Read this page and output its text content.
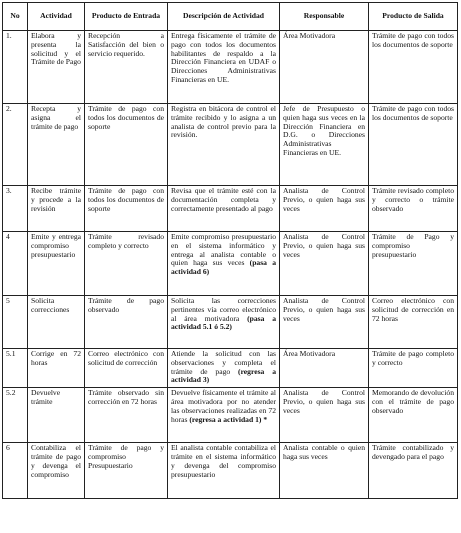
No	Actividad	Producto de Entrada	Descripción de Actividad	Responsable	Producto de Salida
1.	Elabora y presenta la solicitud y el Trámite de Pago	Recepción a Satisfacción del bien o servicio requerido.	Entrega físicamente el trámite de pago con todos los documentos habilitantes de respaldo a la Dirección Financiera en UDAF o Direcciones Administrativas Financieras en UE.	Área Motivadora	Trámite de pago con todos los documentos de soporte
2.	Recepta y asigna el trámite de pago	Trámite de pago con todos los documentos de soporte	Registra en bitácora de control el trámite recibido y lo asigna a un analista de control previo para la revisión.	Jefe de Presupuesto o quien haga sus veces en la Dirección Financiera en D.G. o Direcciones Administrativas Financieras en UE.	Trámite de pago con todos los documentos de soporte
3.	Recibe trámite y procede a la revisión	Trámite de pago con todos los documentos de soporte	Revisa que el trámite esté con la documentación completa y correctamente presentado al pago	Analista de Control Previo, o quien haga sus veces	Trámite revisado completo y correcto o trámite observado
4	Emite y entrega compromiso presupuestario	Trámite revisado completo y correcto	Emite compromiso presupuestario en el sistema informático y entrega al analista contable o quien haga sus veces (pasa a actividad 6)	Analista de Control Previo, o quien haga sus veces	Trámite de Pago y compromiso presupuestario
5	Solicita correcciones	Trámite de pago observado	Solicita las correcciones pertinentes vía correo electrónico al área motivadora (pasa a actividad 5.1 ó 5.2)	Analista de Control Previo, o quien haga sus veces	Correo electrónico con solicitud de corrección en 72 horas
5.1	Corrige en 72 horas	Correo electrónico con solicitud de corrección	Atiende la solicitud con las observaciones y completa el trámite de pago (regresa a actividad 3)	Área Motivadora	Trámite de pago completo y correcto
5.2	Devuelve trámite	Trámite observado sin corrección en 72 horas	Devuelve físicamente el trámite al área motivadora por no atender las observaciones realizadas en 72 horas (regresa a actividad 1) *	Analista de Control Previo, o quien haga sus veces	Memorando de devolución con el trámite de pago observado
6	Contabiliza el trámite de pago y devenga el compromiso	Trámite de pago y compromiso Presupuestario	El analista contable contabiliza el trámite en el sistema informático y devenga del compromiso presupuestario	Analista contable o quien haga sus veces	Trámite contabilizado y devengado para el pago
